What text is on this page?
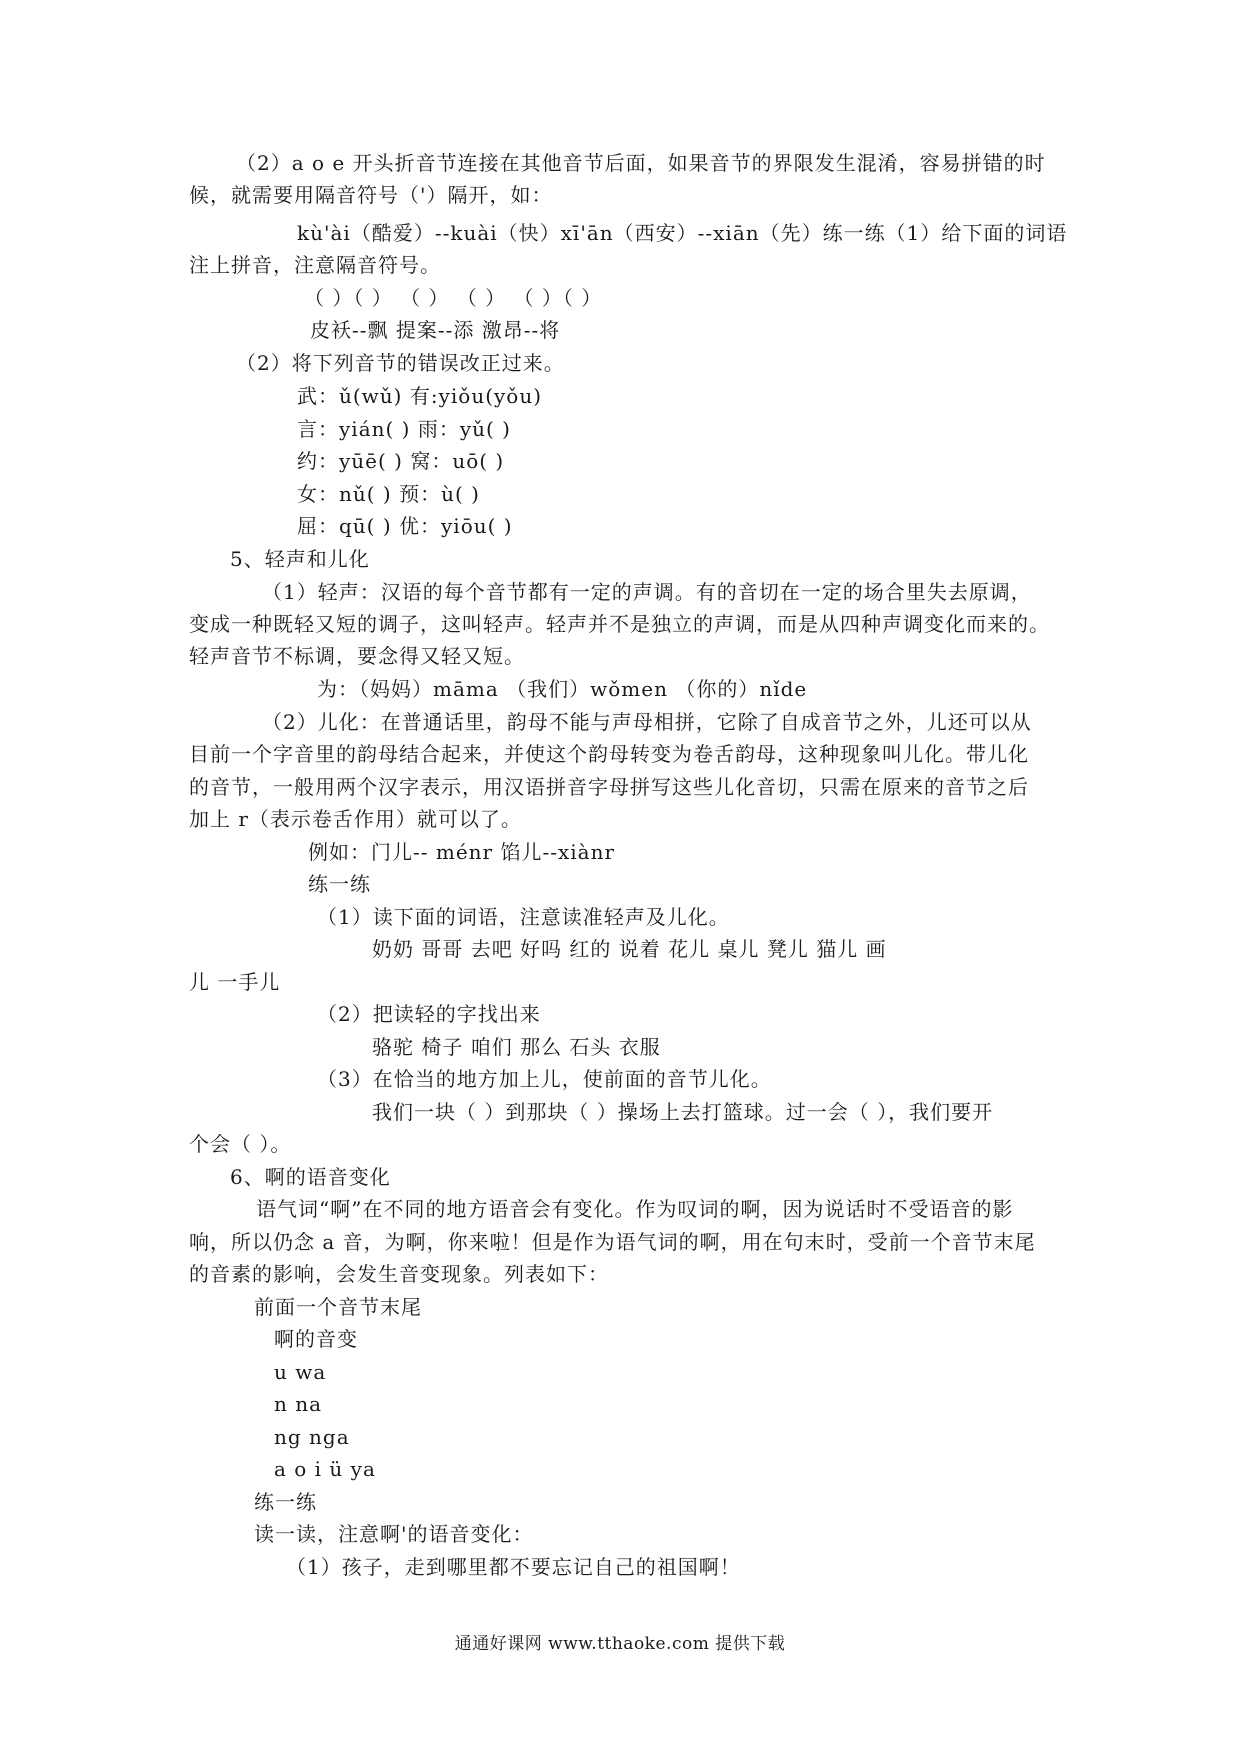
（2）a o e 开头折音节连接在其他音节后面，如果音节的界限发生混淆，容易拼错的时
候，就需要用隔音符号（'）隔开，如：
kù'ài（酷爱）--kuài（快）xī'ān（西安）--xiān（先）练一练（1）给下面的词语
注上拼音，注意隔音符号。
（ ）（ ） （ ） （ ） （ ）（ ）
皮袄--飘 提案--添 激昂--将
（2）将下列音节的错误改正过来。
武：ǔ(wǔ) 有:yiǒu(yǒu)
言：yián( ) 雨：yǔ( )
约：yūē( ) 窝：uō( )
女：nǔ( ) 预：ù( )
屈：qū( ) 优：yiōu( )
5、轻声和儿化
（1）轻声：汉语的每个音节都有一定的声调。有的音切在一定的场合里失去原调，
变成一种既轻又短的调子，这叫轻声。轻声并不是独立的声调，而是从四种声调变化而来的。
轻声音节不标调，要念得又轻又短。
为：（妈妈）māma （我们）wǒmen （你的）nǐde
（2）儿化：在普通话里，韵母不能与声母相拼，它除了自成音节之外，儿还可以从
目前一个字音里的韵母结合起来，并使这个韵母转变为卷舌韵母，这种现象叫儿化。带儿化
的音节，一般用两个汉字表示，用汉语拼音字母拼写这些儿化音切，只需在原来的音节之后
加上 r（表示卷舌作用）就可以了。
例如：门儿-- ménr 馅儿--xiànr
练一练
（1）读下面的词语，注意读准轻声及儿化。
奶奶 哥哥 去吧 好吗 红的 说着 花儿 桌儿 凳儿 猫儿 画
儿 一手儿
（2）把读轻的字找出来
骆驼 椅子 咱们 那么 石头 衣服
（3）在恰当的地方加上儿，使前面的音节儿化。
我们一块（ ）到那块（ ）操场上去打篮球。过一会（ ），我们要开
个会（ ）。
6、啊的语音变化
语气词“啊”在不同的地方语音会有变化。作为叹词的啊，因为说话时不受语音的影
响，所以仍念 a 音，为啊，你来啦！但是作为语气词的啊，用在句末时，受前一个音节末尾
的音素的影响，会发生音变现象。列表如下：
前面一个音节末尾
啊的音变
u wa
n na
ng nga
a o i ü ya
练一练
读一读，注意啊'的语音变化：
（1）孩子，走到哪里都不要忘记自己的祖国啊！
通通好课网 www.tthaoke.com 提供下载
